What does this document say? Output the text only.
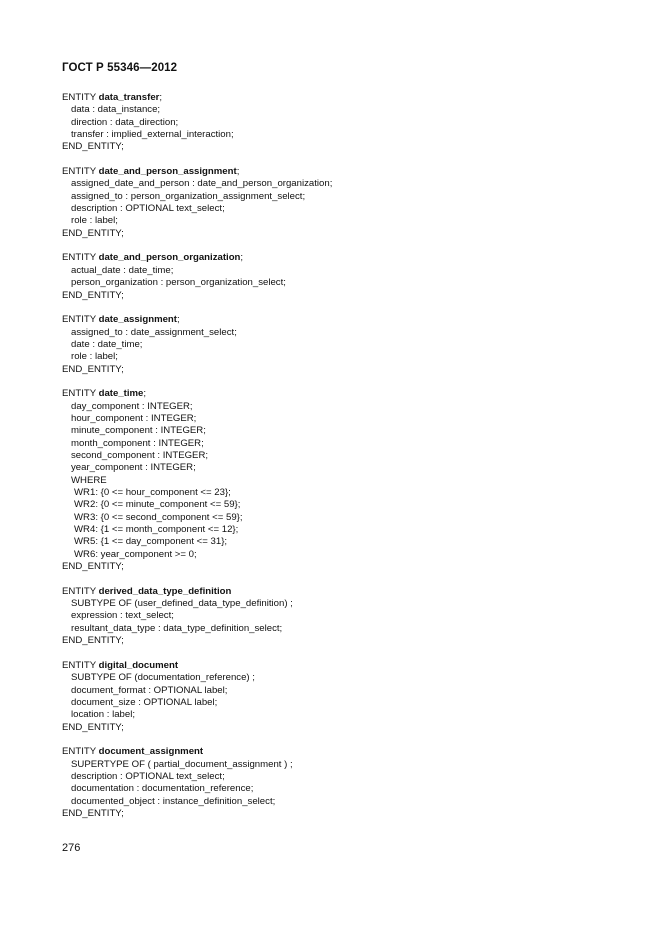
ГОСТ Р 55346—2012
ENTITY data_transfer;
data : data_instance;
direction : data_direction;
transfer : implied_external_interaction;
END_ENTITY;
ENTITY date_and_person_assignment;
assigned_date_and_person : date_and_person_organization;
assigned_to : person_organization_assignment_select;
description : OPTIONAL text_select;
role : label;
END_ENTITY;
ENTITY date_and_person_organization;
actual_date : date_time;
person_organization : person_organization_select;
END_ENTITY;
ENTITY date_assignment;
assigned_to : date_assignment_select;
date : date_time;
role : label;
END_ENTITY;
ENTITY date_time;
day_component : INTEGER;
hour_component : INTEGER;
minute_component : INTEGER;
month_component : INTEGER;
second_component : INTEGER;
year_component : INTEGER;
WHERE
WR1: {0 <= hour_component <= 23};
WR2: {0 <= minute_component <= 59};
WR3: {0 <= second_component <= 59};
WR4: {1 <= month_component <= 12};
WR5: {1 <= day_component <= 31};
WR6: year_component >= 0;
END_ENTITY;
ENTITY derived_data_type_definition
SUBTYPE OF (user_defined_data_type_definition) ;
expression : text_select;
resultant_data_type : data_type_definition_select;
END_ENTITY;
ENTITY digital_document
SUBTYPE OF (documentation_reference) ;
document_format : OPTIONAL label;
document_size : OPTIONAL label;
location : label;
END_ENTITY;
ENTITY document_assignment
SUPERTYPE OF ( partial_document_assignment ) ;
description : OPTIONAL text_select;
documentation : documentation_reference;
documented_object : instance_definition_select;
END_ENTITY;
276
